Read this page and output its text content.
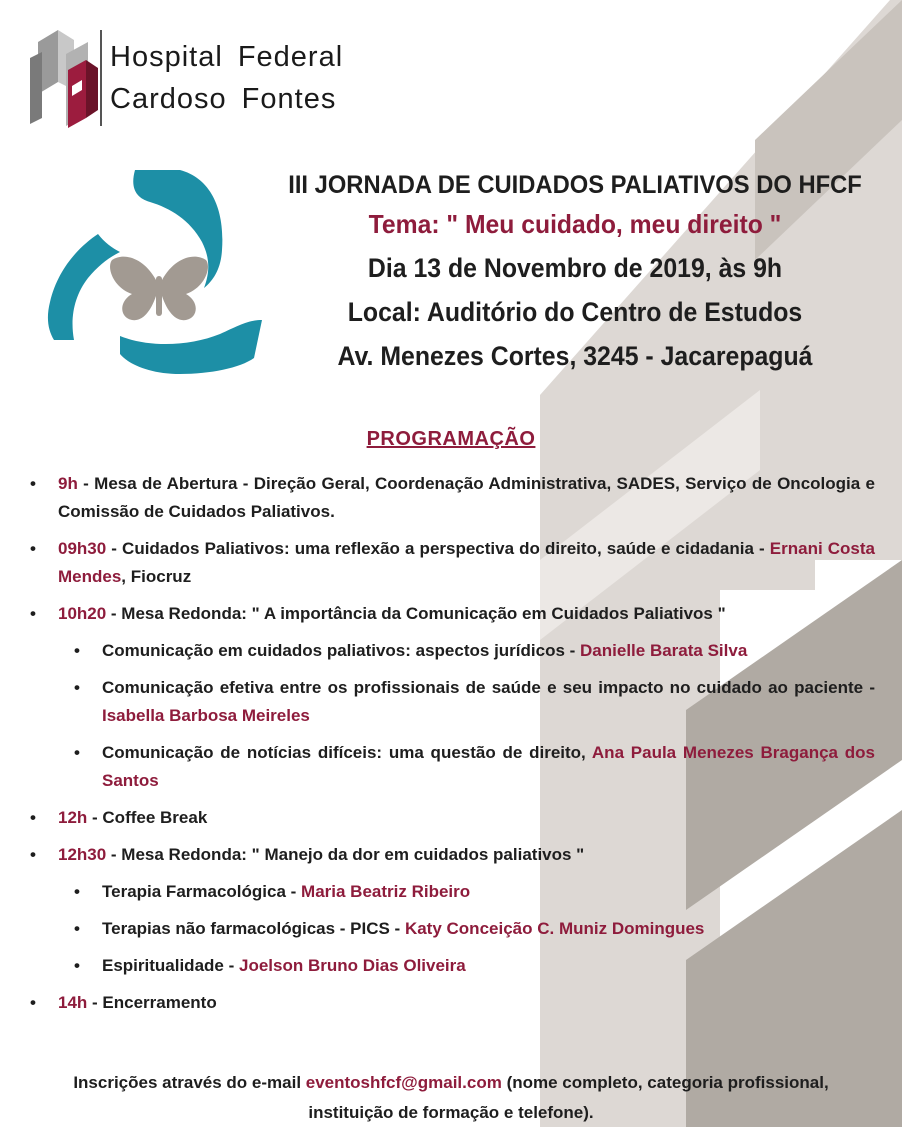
Hospital Federal
Cardoso Fontes
III JORNADA DE CUIDADOS PALIATIVOS DO HFCF
Tema: " Meu cuidado, meu direito "
Dia 13 de Novembro de 2019, às 9h
Local: Auditório do Centro de Estudos
Av. Menezes Cortes, 3245 - Jacarepaguá
PROGRAMAÇÃO
•	9h - Mesa de Abertura - Direção Geral, Coordenação Administrativa, SADES, Serviço de Oncologia e Comissão de Cuidados Paliativos.
•	09h30 - Cuidados Paliativos: uma reflexão a perspectiva do direito, saúde e cidadania - Ernani Costa Mendes, Fiocruz
•	10h20 - Mesa Redonda: " A importância da Comunicação em Cuidados Paliativos "
•	Comunicação em cuidados paliativos: aspectos jurídicos - Danielle Barata Silva
•	Comunicação efetiva entre os profissionais de saúde e seu impacto no cuidado ao paciente - Isabella Barbosa Meireles
•	Comunicação de notícias difíceis: uma questão de direito, Ana Paula Menezes Bragança dos Santos
•	12h - Coffee Break
•	12h30 - Mesa Redonda: " Manejo da dor em cuidados paliativos "
•	Terapia Farmacológica - Maria Beatriz Ribeiro
•	Terapias não farmacológicas - PICS - Katy Conceição C. Muniz Domingues
•	Espiritualidade - Joelson Bruno Dias Oliveira
•	14h - Encerramento
Inscrições através do e-mail eventoshfcf@gmail.com (nome completo, categoria profissional,
instituição de formação e telefone).
